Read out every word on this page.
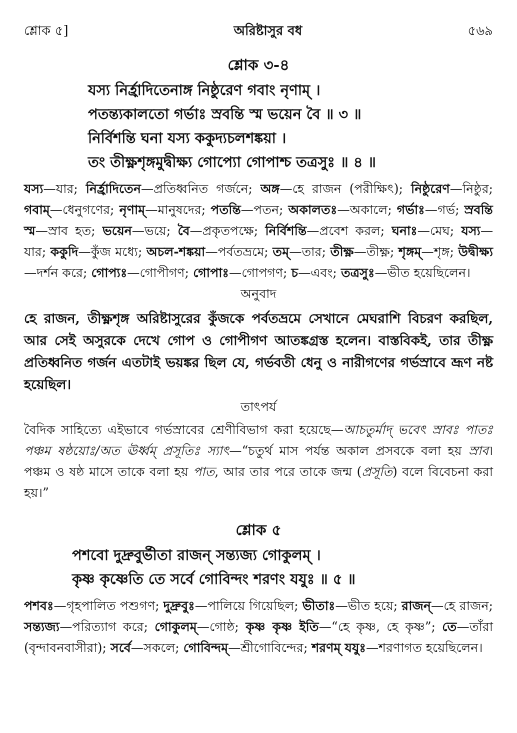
শ্লোক ৫]	অরিষ্টাসুর বধ	৫৬৯
শ্লোক ৩-৪
যস্য নির্হ্রাদিতেনাঙ্গ নিষ্ঠুরেণ গবাং নৃণাম্ ।
পতন্ত্যকালতো গর্ভাঃ স্রবন্তি স্ম ভয়েন বৈ ॥ ৩ ॥
নির্বিশন্তি ঘনা যস্য ককুদ্যচলশঙ্কয়া ।
তং তীক্ষ্ণশৃঙ্গমুদ্বীক্ষ্য গোপ্যো গোপাশ্চ তত্রসুঃ ॥ ৪ ॥
যস্য—যার; নির্হ্রাদিতেন—প্রতিধ্বনিত গর্জনে; অঙ্গ—হে রাজন (পরীক্ষিৎ); নিষ্ঠুরেণ—নিষ্ঠুর; গবাম্—ধেনুগণের; নৃণাম্—মানুষদের; পতন্তি—পতন; অকালতঃ—অকালে; গর্ভাঃ—গর্ভ; স্রবন্তি স্ম—স্রাব হত; ভয়েন—ভয়ে; বৈ—প্রকৃতপক্ষে; নির্বিশন্তি—প্রবেশ করল; ঘনাঃ—মেঘ; যস্য—যার; ককুদি—কুঁজ মধ্যে; অচল-শঙ্কয়া—পর্বতভ্রমে; তম্—তার; তীক্ষ্ণ—তীক্ষ্ণ; শৃঙ্গম্—শৃঙ্গ; উদ্বীক্ষ্য—দর্শন করে; গোপ্যঃ—গোপীগণ; গোপাঃ—গোপগণ; চ—এবং; তত্রসুঃ—ভীত হয়েছিলেন।
অনুবাদ
হে রাজন, তীক্ষ্ণশৃঙ্গ অরিষ্টাসুরের কুঁজকে পর্বতভ্রমে সেখানে মেঘরাশি বিচরণ করছিল, আর সেই অসুরকে দেখে গোপ ও গোপীগণ আতঙ্কগ্রস্ত হলেন। বাস্তবিকই, তার তীক্ষ্ণ প্রতিধ্বনিত গর্জন এতটাই ভয়ঙ্কর ছিল যে, গর্ভবতী ধেনু ও নারীগণের গর্ভস্রাবে ভ্রূণ নষ্ট হয়েছিল।
তাৎপর্য
বৈদিক সাহিত্যে এইভাবে গর্ভস্রাবের শ্রেণীবিভাগ করা হয়েছে—আচতুর্মাদ্ ভবেৎ স্রাবঃ পাতঃ পঞ্চম ষষ্ঠয়োঃ/অত ঊর্ধ্বম্ প্রসূতিঃ স্যাৎ—“চতুর্থ মাস পর্যন্ত অকাল প্রসবকে বলা হয় স্রাব। পঞ্চম ও ষষ্ঠ মাসে তাকে বলা হয় পাত, আর তার পরে তাকে জন্ম (প্রসূতি) বলে বিবেচনা করা হয়।”
শ্লোক ৫
পশবো দুদ্রুবুর্ভীতা রাজন্ সন্ত্যজ্য গোকুলম্ ।
কৃষ্ণ কৃষ্ণেতি তে সর্বে গোবিন্দং শরণং যযুঃ ॥ ৫ ॥
পশবঃ—গৃহপালিত পশুগণ; দুদ্রুবুঃ—পালিয়ে গিয়েছিল; ভীতাঃ—ভীত হয়ে; রাজন্—হে রাজন; সন্ত্যজ্য—পরিত্যাগ করে; গোকুলম্—গোষ্ঠ; কৃষ্ণ কৃষ্ণ ইতি—“হে কৃষ্ণ, হে কৃষ্ণ”; তে—তাঁরা (বৃন্দাবনবাসীরা); সর্বে—সকলে; গোবিন্দম্—শ্রীগোবিন্দের; শরণম্ যযুঃ—শরণাগত হয়েছিলেন।
